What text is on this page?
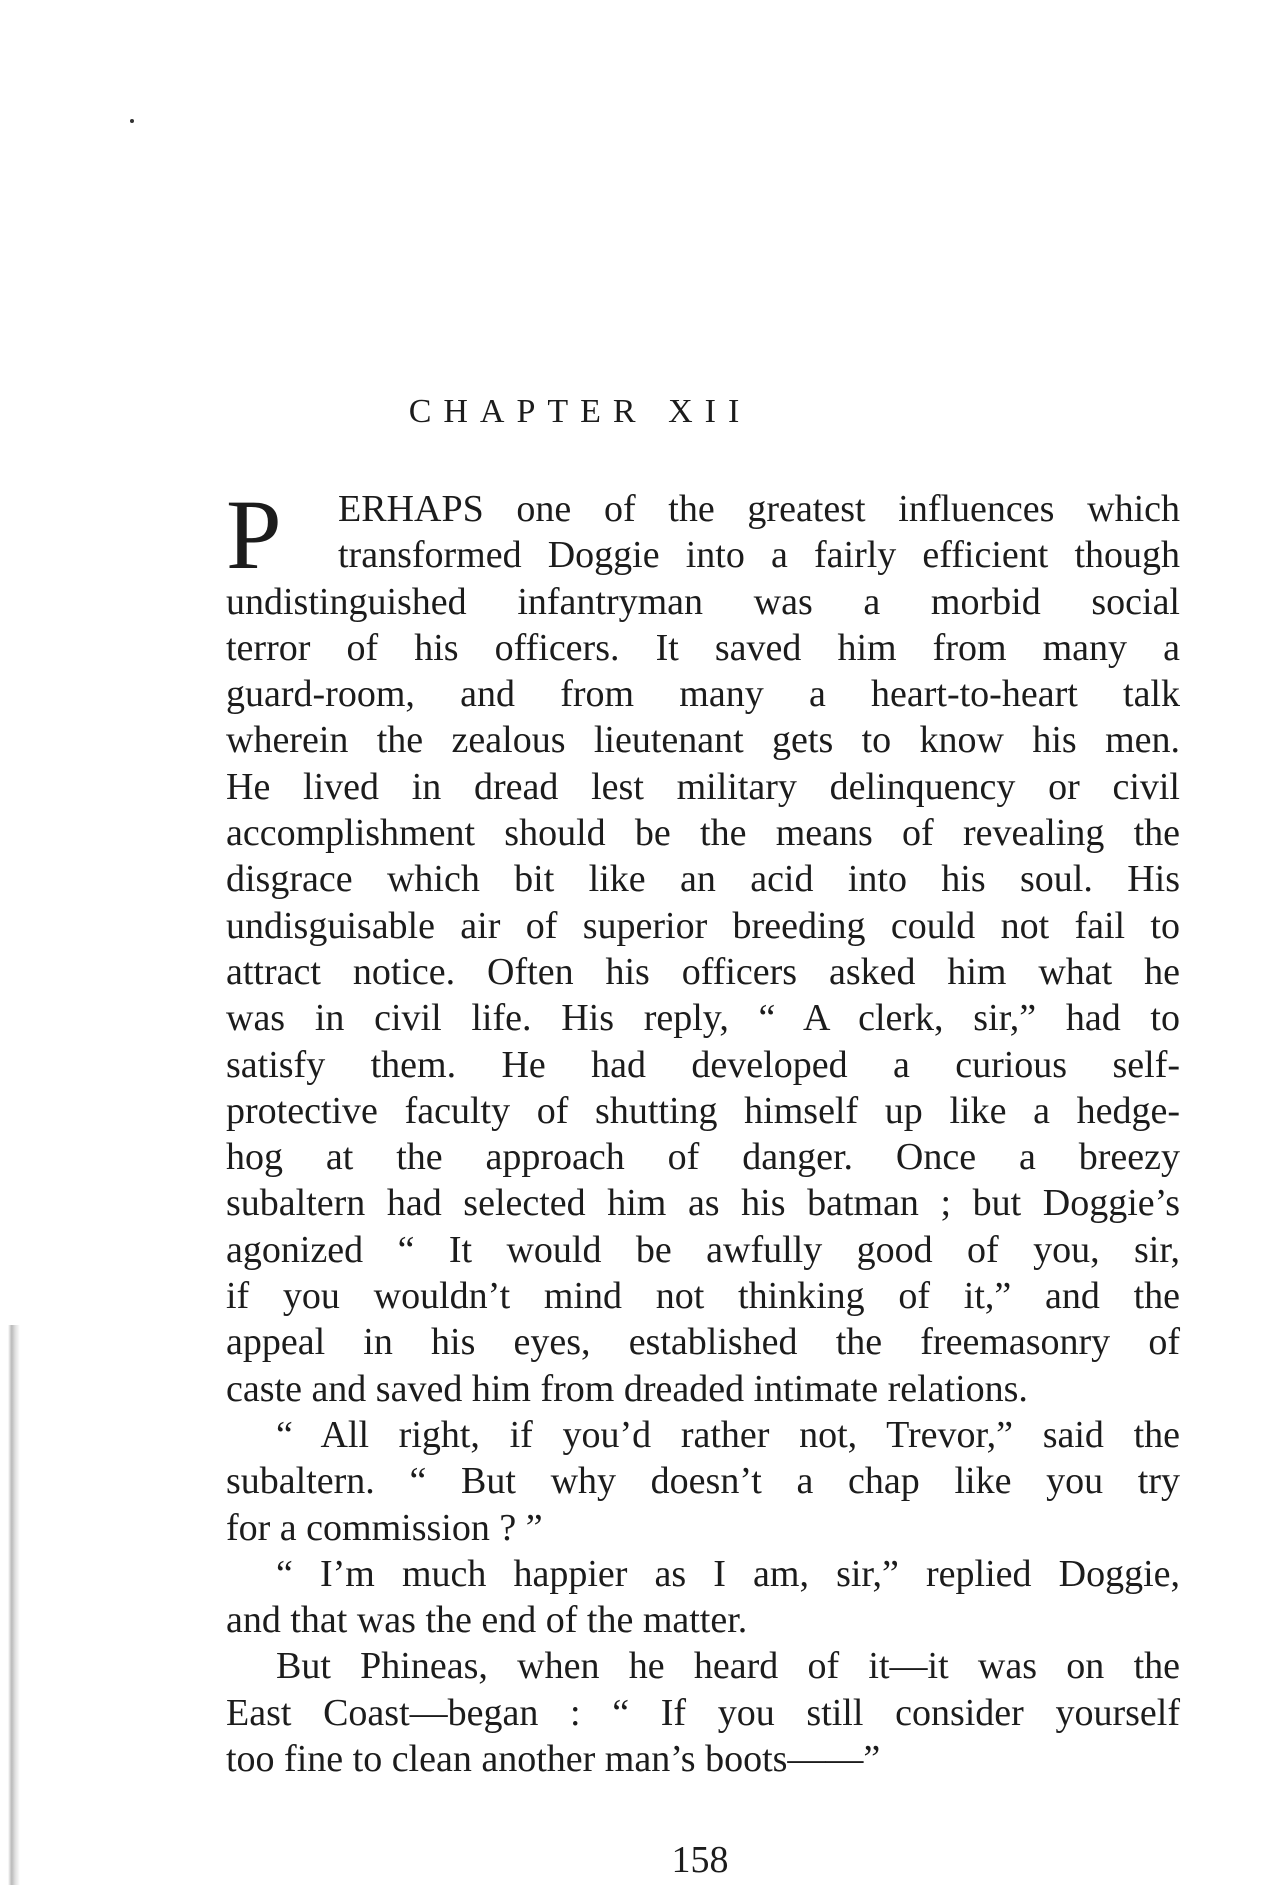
CHAPTER XII
P	ERHAPS one of the greatest influences which
transformed Doggie into a fairly efficient though
undistinguished infantryman was a morbid social
terror of his officers. It saved him from many a
guard-room, and from many a heart-to-heart talk
wherein the zealous lieutenant gets to know his men.
He lived in dread lest military delinquency or civil
accomplishment should be the means of revealing the
disgrace which bit like an acid into his soul. His
undisguisable air of superior breeding could not fail to
attract notice. Often his officers asked him what he
was in civil life. His reply, “ A clerk, sir,” had to
satisfy them. He had developed a curious self-
protective faculty of shutting himself up like a hedge-
hog at the approach of danger. Once a breezy
subaltern had selected him as his batman ; but Doggie’s
agonized “ It would be awfully good of you, sir,
if you wouldn’t mind not thinking of it,” and the
appeal in his eyes, established the freemasonry of
caste and saved him from dreaded intimate relations.
“ All right, if you’d rather not, Trevor,” said the
subaltern. “ But why doesn’t a chap like you try
for a commission ? ”
“ I’m much happier as I am, sir,” replied Doggie,
and that was the end of the matter.
But Phineas, when he heard of it—it was on the
East Coast—began : “ If you still consider yourself
too fine to clean another man’s boots——”
158
